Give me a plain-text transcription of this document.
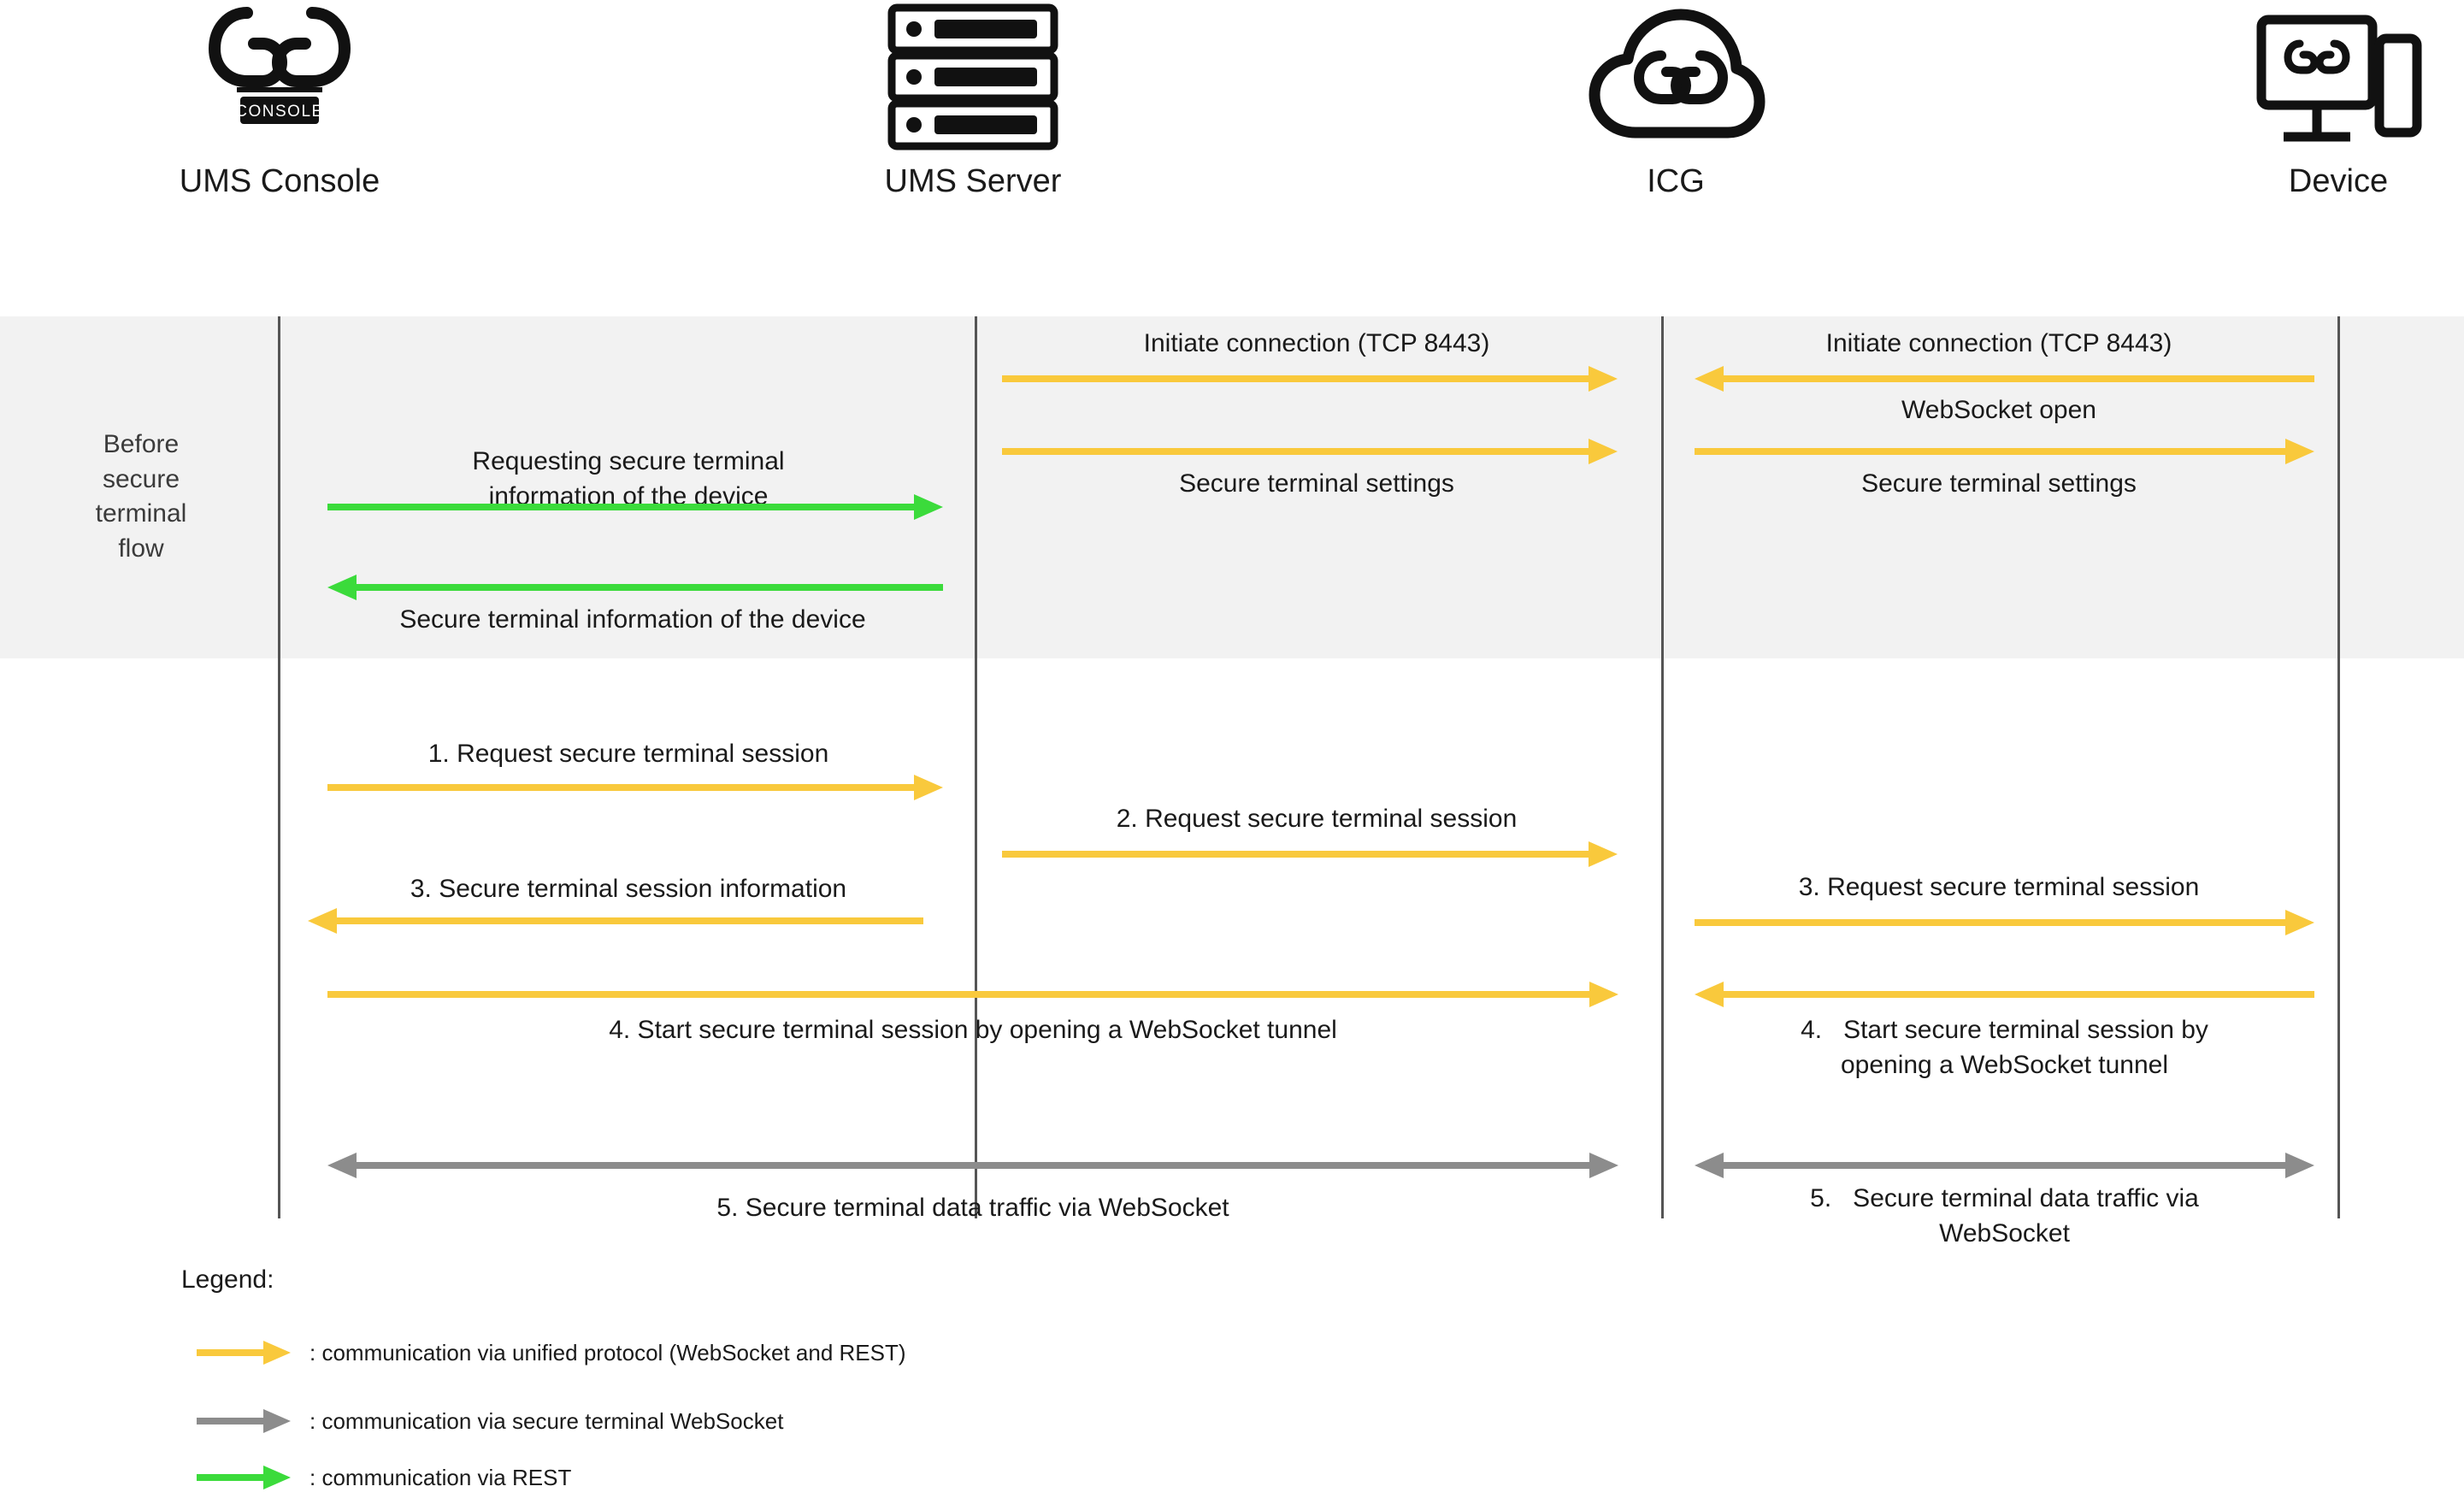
CONSOLE
UMS Console	UMS Server	ICG	Device
Before
secure
terminal
flow
Initiate connection (TCP 8443)
Secure terminal settings
Initiate connection (TCP 8443)
WebSocket open
Secure terminal settings
Requesting secure terminal
information of the device
Secure terminal information of the device
1. Request secure terminal session
2. Request secure terminal session
3. Secure terminal session information	3. Request secure terminal session
4. Start secure terminal session by opening a WebSocket tunnel	4.   Start secure terminal session by
opening a WebSocket tunnel
5. Secure terminal data traffic via WebSocket	5.   Secure terminal data traffic via
WebSocket
Legend:
: communication via unified protocol (WebSocket and REST)
: communication via secure terminal WebSocket
: communication via REST
